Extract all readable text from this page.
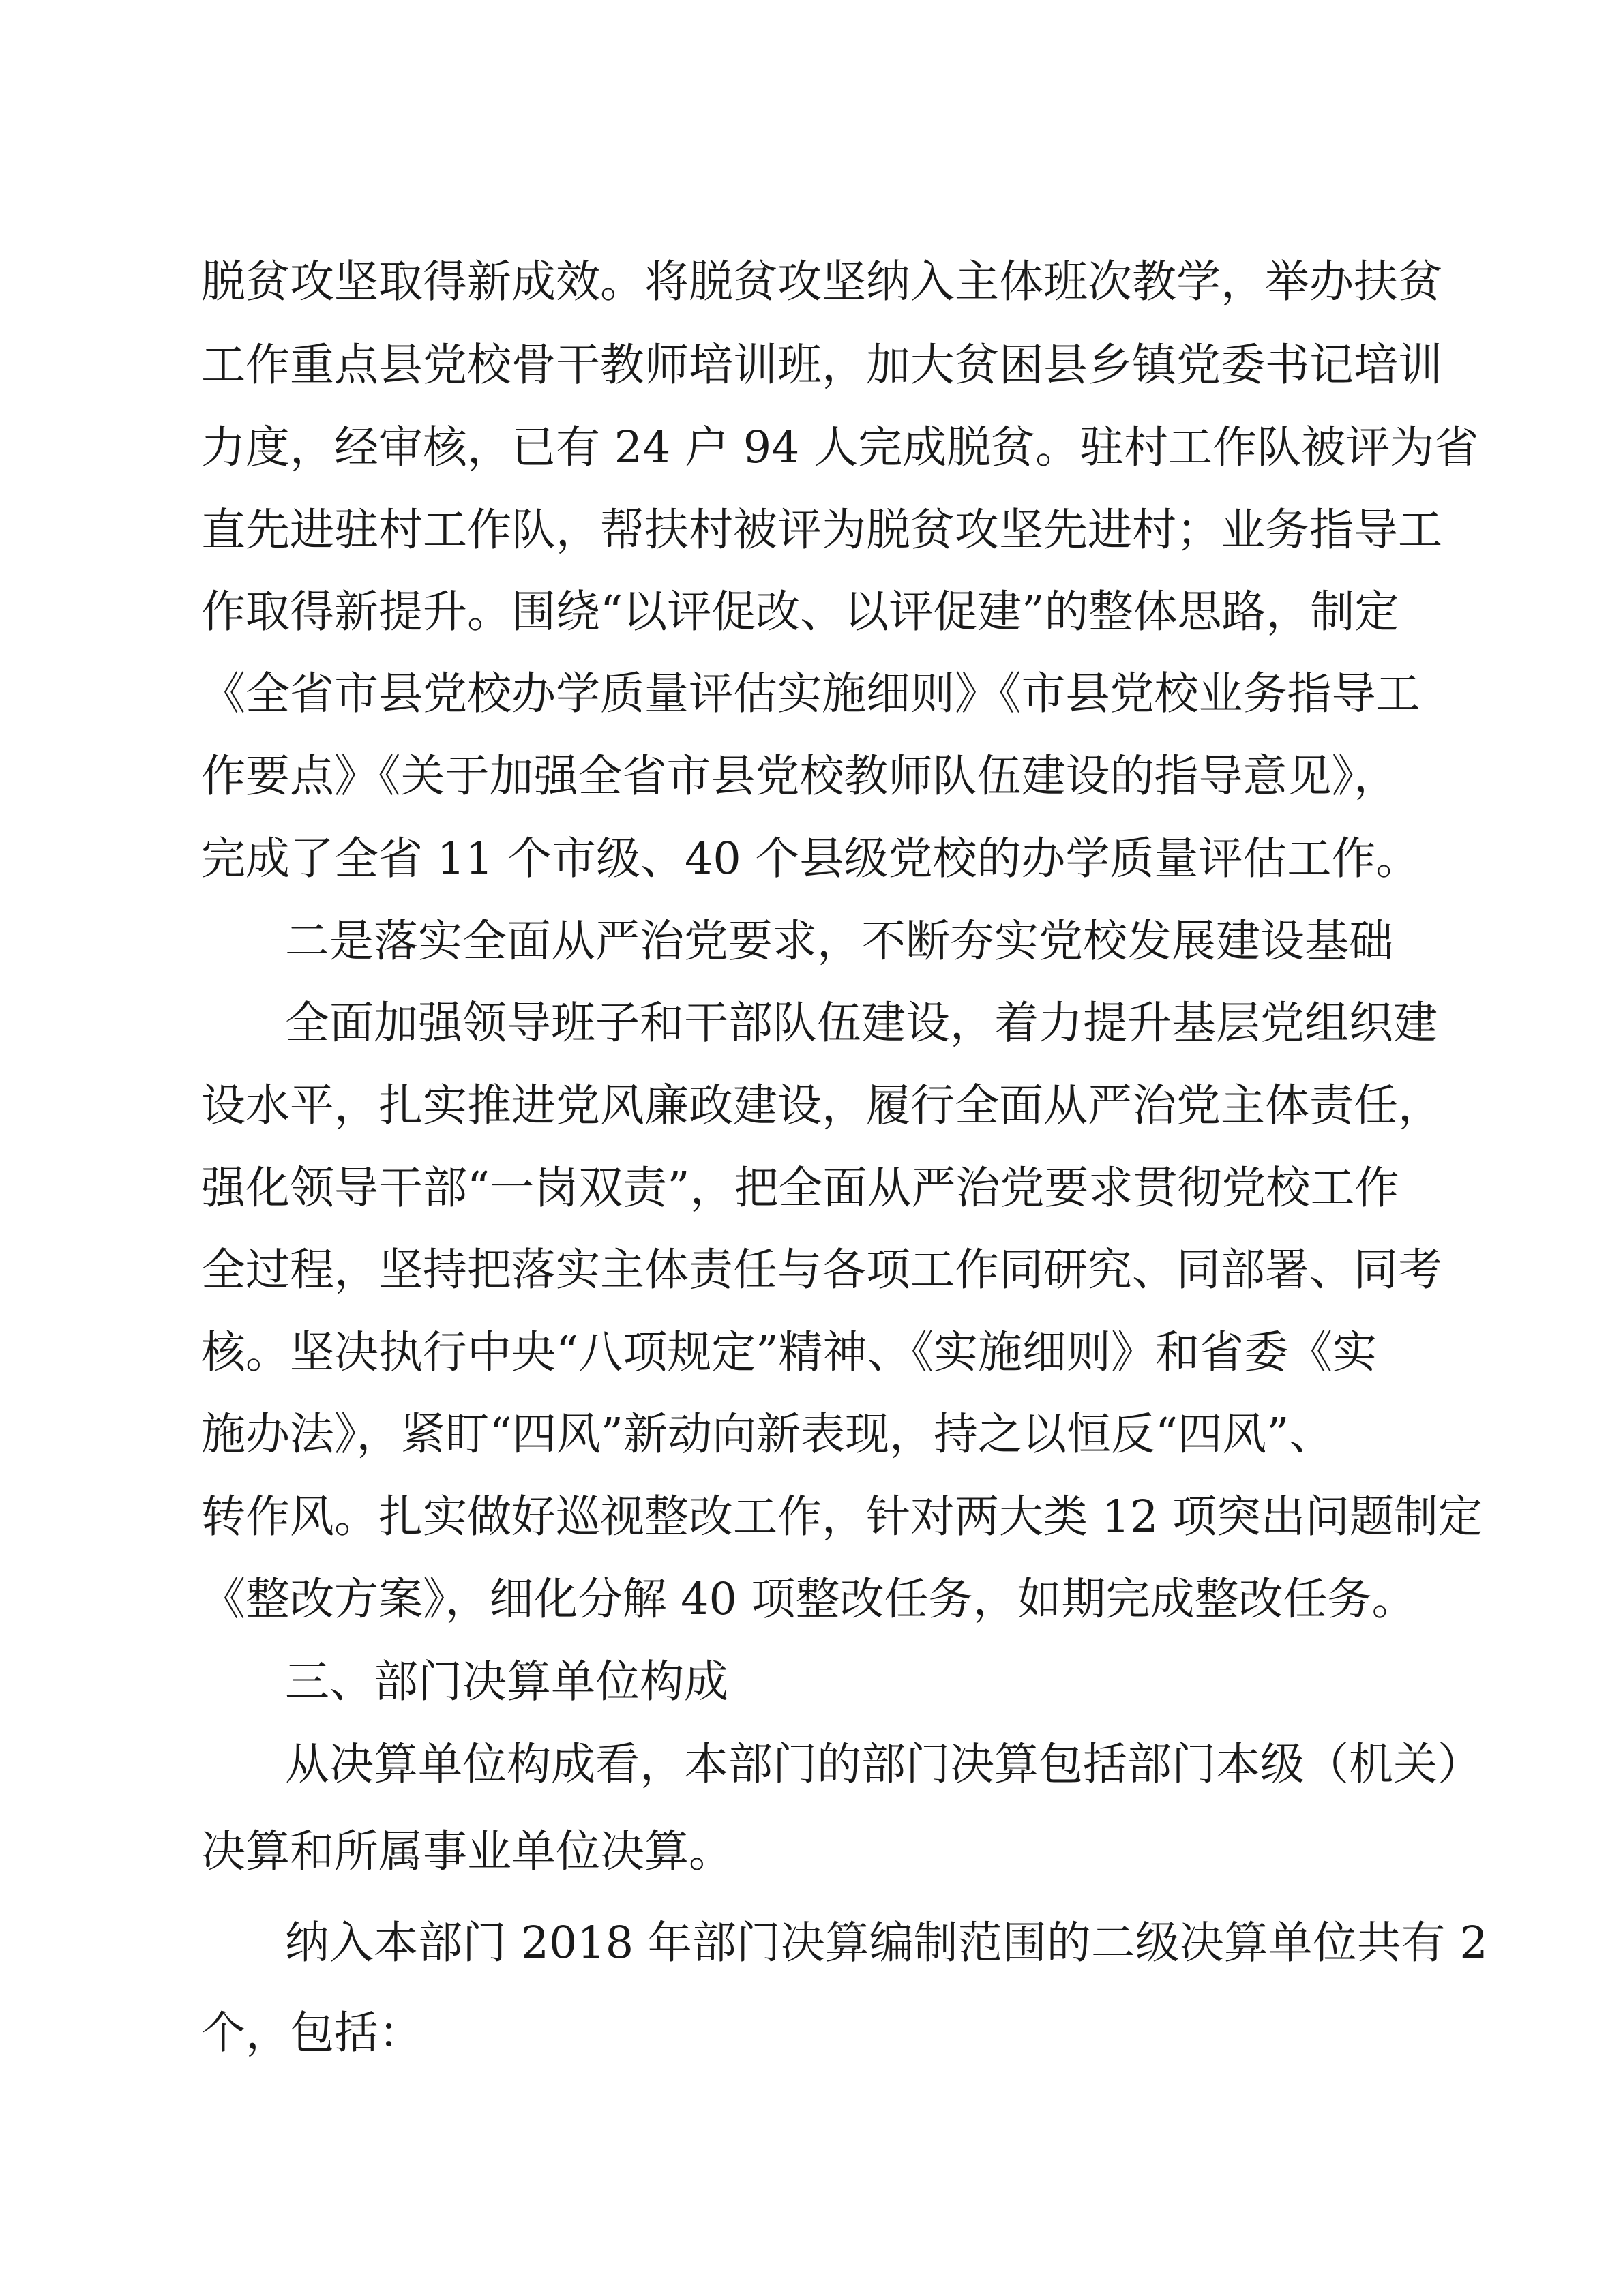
脱贫攻坚取得新成效。将脱贫攻坚纳入主体班次教学，举办扶贫
工作重点县党校骨干教师培训班，加大贫困县乡镇党委书记培训
力度，经审核，已有 24 户 94 人完成脱贫。驻村工作队被评为省
直先进驻村工作队，帮扶村被评为脱贫攻坚先进村；业务指导工
作取得新提升。围绕“以评促改、以评促建”的整体思路，制定
《全省市县党校办学质量评估实施细则》《市县党校业务指导工
作要点》《关于加强全省市县党校教师队伍建设的指导意见》，
完成了全省 11 个市级、40 个县级党校的办学质量评估工作。
二是落实全面从严治党要求，不断夯实党校发展建设基础
全面加强领导班子和干部队伍建设，着力提升基层党组织建
设水平，扎实推进党风廉政建设，履行全面从严治党主体责任，
强化领导干部“一岗双责”，把全面从严治党要求贯彻党校工作
全过程，坚持把落实主体责任与各项工作同研究、同部署、同考
核。坚决执行中央“八项规定”精神、《实施细则》和省委《实
施办法》，紧盯“四风”新动向新表现，持之以恒反“四风”、
转作风。扎实做好巡视整改工作，针对两大类 12 项突出问题制定
《整改方案》，细化分解 40 项整改任务，如期完成整改任务。
三、部门决算单位构成
从决算单位构成看，本部门的部门决算包括部门本级（机关）
决算和所属事业单位决算。
纳入本部门 2018 年部门决算编制范围的二级决算单位共有 2
个，包括：
